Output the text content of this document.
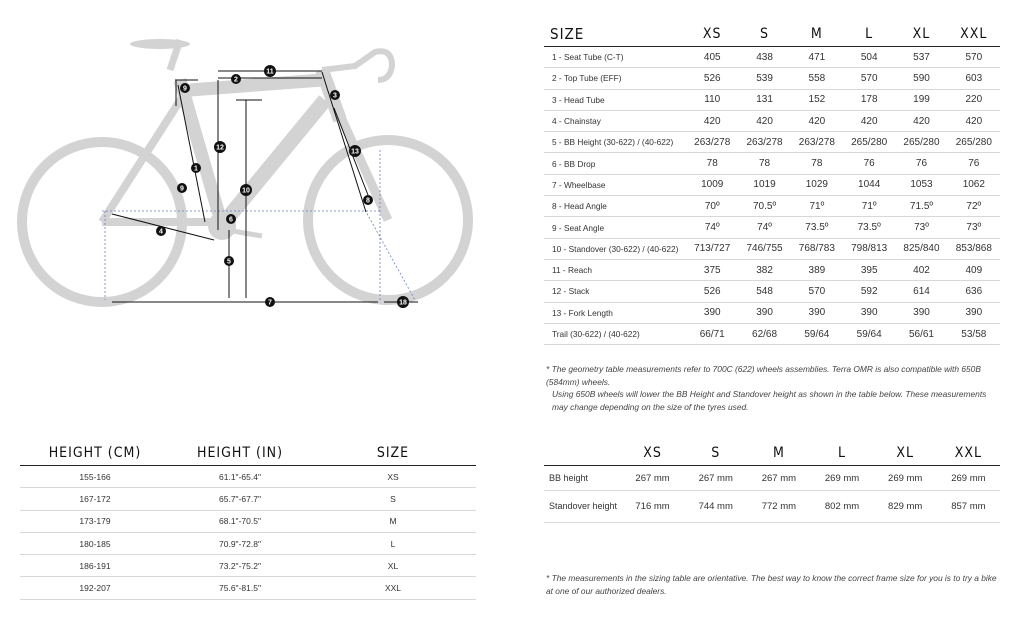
1
2
3
4
5
6
7
8
9
9	10
11
12
13
18
SIZE	XS	S	M	L	XL	XXL
1 - Seat Tube (C-T)	405	438	471	504	537	570
2 - Top Tube (EFF)	526	539	558	570	590	603
3 - Head Tube	110	131	152	178	199	220
4 - Chainstay	420	420	420	420	420	420
5 - BB Height (30-622) / (40-622)	263/278	263/278	263/278	265/280	265/280	265/280
6 - BB Drop	78	78	78	76	76	76
7 - Wheelbase	1009	1019	1029	1044	1053	1062
8 - Head Angle	70º	70.5º	71º	71º	71.5º	72º
9 - Seat Angle	74º	74º	73.5º	73.5º	73º	73º
10 - Standover (30-622) / (40-622)	713/727	746/755	768/783	798/813	825/840	853/868
11 - Reach	375	382	389	395	402	409
12 - Stack	526	548	570	592	614	636
13 - Fork Length	390	390	390	390	390	390
Trail (30-622) / (40-622)	66/71	62/68	59/64	59/64	56/61	53/58

* The geometry table measurements refer to 700C (622) wheels assemblies. Terra OMR is also compatible with 650B (584mm) wheels.

Using 650B wheels will lower the BB Height and Standover height as shown in the table below. These measurements may change depending on the size of the tyres used.

HEIGHT (CM)	HEIGHT (IN)	SIZE
155-166	61.1"-65.4"	XS
167-172	65.7"-67.7"	S
173-179	68.1"-70.5"	M
180-185	70.9"-72.8"	L
186-191	73.2"-75.2"	XL
192-207	75.6"-81.5"	XXL
	XS	S	M	L	XL	XXL
BB height	267 mm	267 mm	267 mm	269 mm	269 mm	269 mm
Standover height	716 mm	744 mm	772 mm	802 mm	829 mm	857 mm

* The measurements in the sizing table are orientative. The best way to know the correct frame size for you is to try a bike at one of our authorized dealers.
